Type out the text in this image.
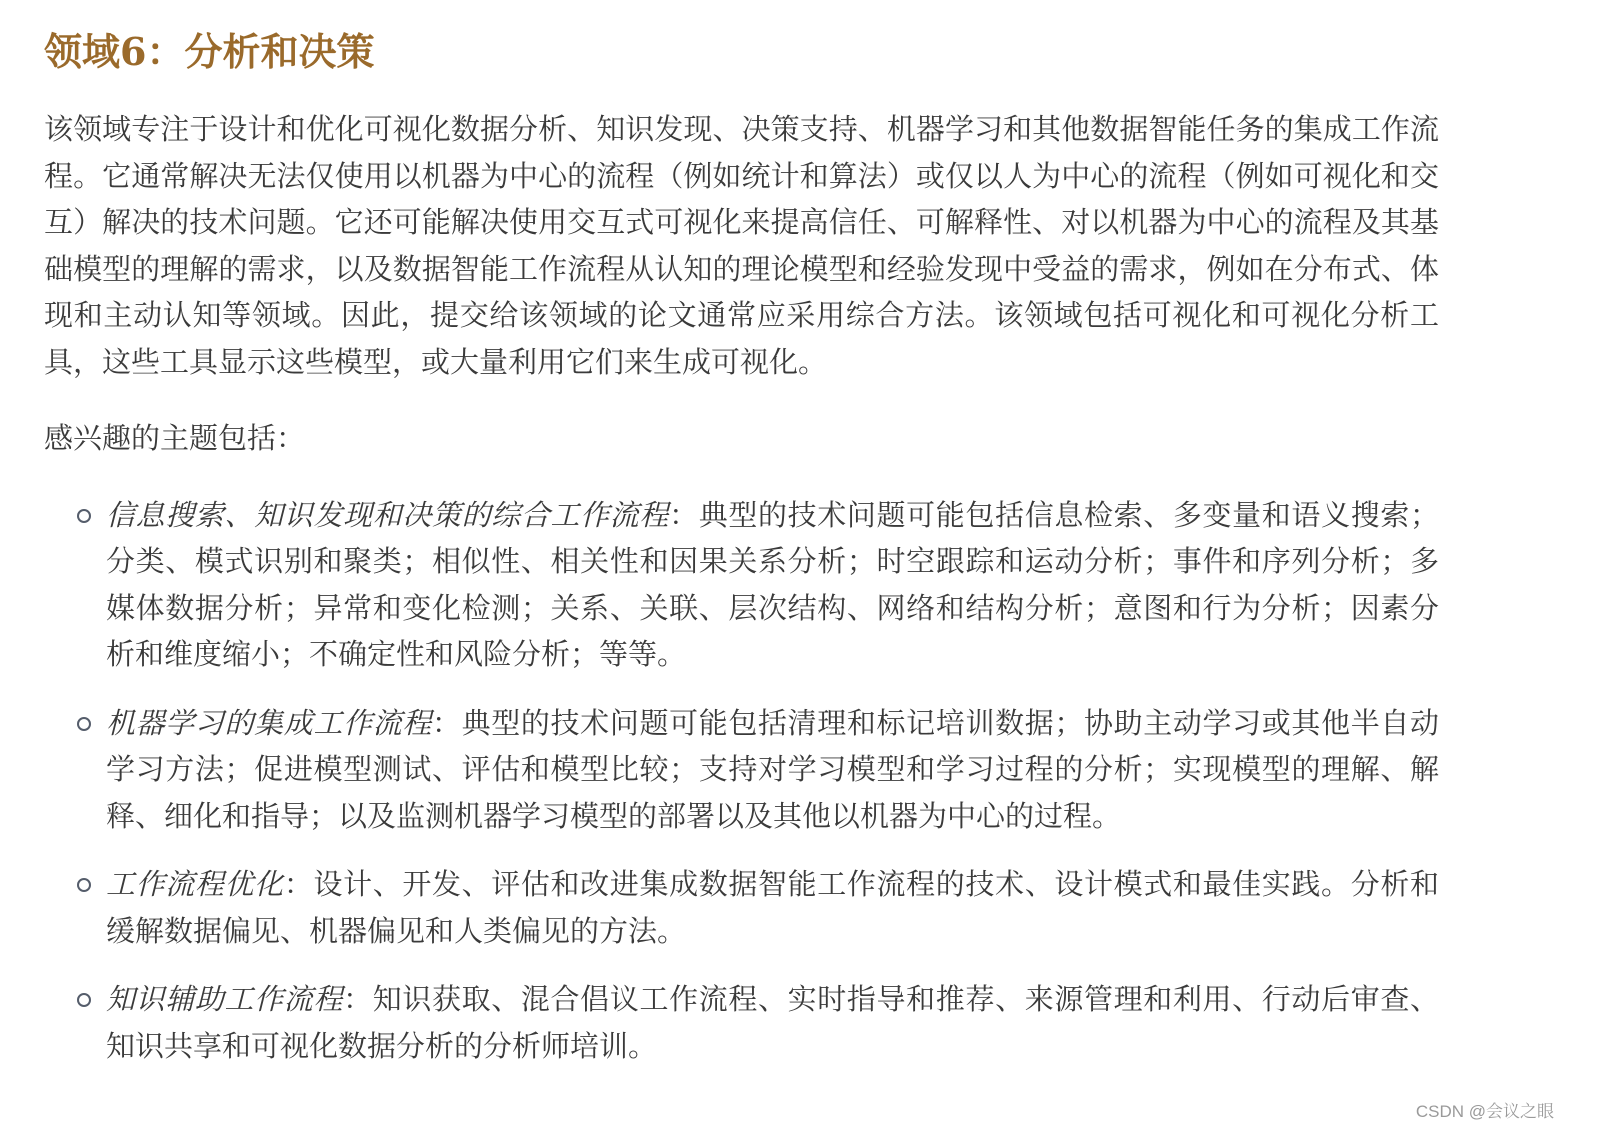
领域6：分析和决策

该领域专注于设计和优化可视化数据分析、知识发现、决策支持、机器学习和其他数据智能任务的集成工作流程。它通常解决无法仅使用以机器为中心的流程（例如统计和算法）或仅以人为中心的流程（例如可视化和交互）解决的技术问题。它还可能解决使用交互式可视化来提高信任、可解释性、对以机器为中心的流程及其基础模型的理解的需求，以及数据智能工作流程从认知的理论模型和经验发现中受益的需求，例如在分布式、体现和主动认知等领域。因此，提交给该领域的论文通常应采用综合方法。该领域包括可视化和可视化分析工具，这些工具显示这些模型，或大量利用它们来生成可视化。

感兴趣的主题包括：

信息搜索、知识发现和决策的综合工作流程：典型的技术问题可能包括信息检索、多变量和语义搜索；分类、模式识别和聚类；相似性、相关性和因果关系分析；时空跟踪和运动分析；事件和序列分析；多媒体数据分析；异常和变化检测；关系、关联、层次结构、网络和结构分析；意图和行为分析；因素分析和维度缩小；不确定性和风险分析；等等。
机器学习的集成工作流程：典型的技术问题可能包括清理和标记培训数据；协助主动学习或其他半自动学习方法；促进模型测试、评估和模型比较；支持对学习模型和学习过程的分析；实现模型的理解、解释、细化和指导；以及监测机器学习模型的部署以及其他以机器为中心的过程。
工作流程优化：设计、开发、评估和改进集成数据智能工作流程的技术、设计模式和最佳实践。分析和缓解数据偏见、机器偏见和人类偏见的方法。
知识辅助工作流程：知识获取、混合倡议工作流程、实时指导和推荐、来源管理和利用、行动后审查、知识共享和可视化数据分析的分析师培训。
CSDN @会议之眼
